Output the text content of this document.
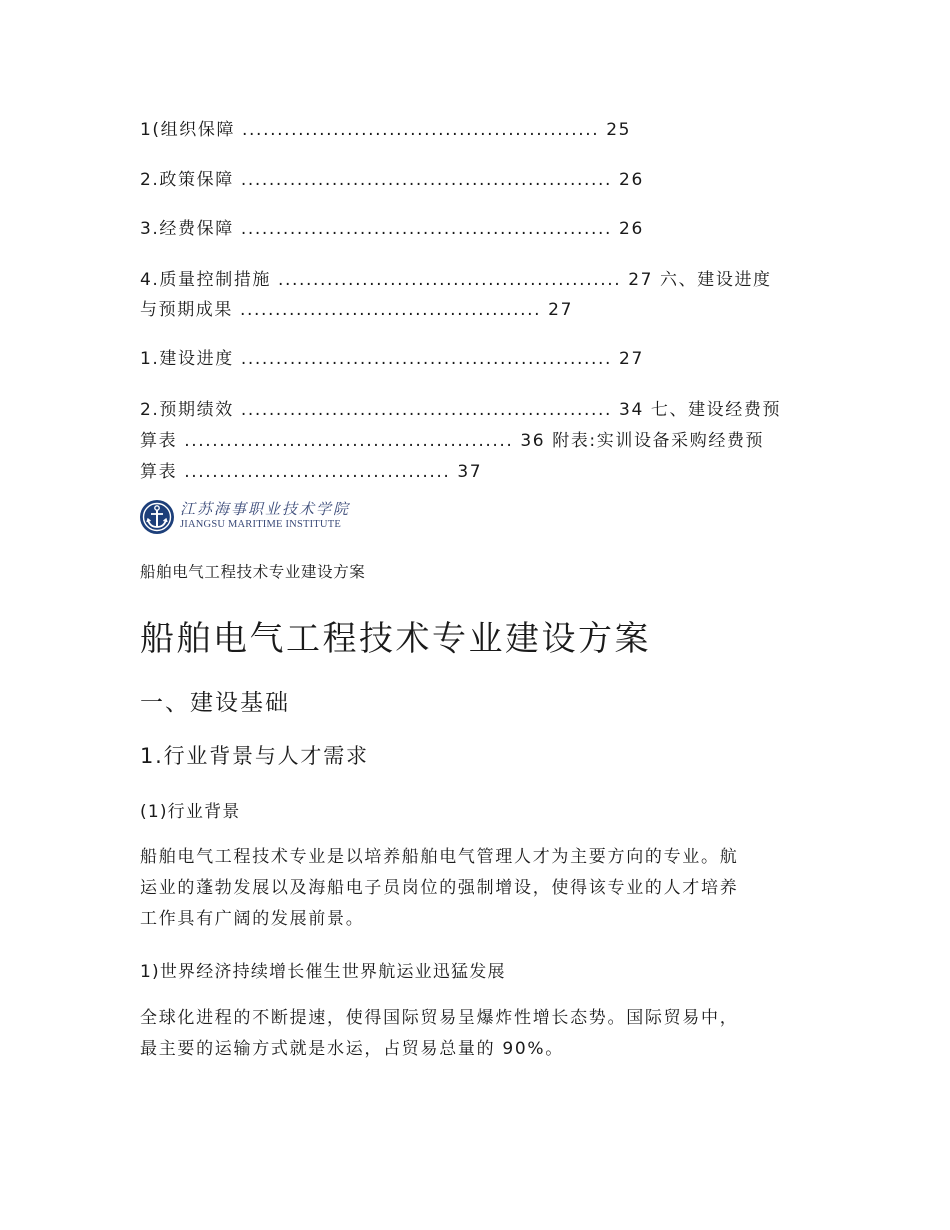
1(组织保障 ................................................... 25
2.政策保障 ..................................................... 26
3.经费保障 ..................................................... 26
4.质量控制措施 ................................................. 27 六、建设进度
与预期成果 ........................................... 27
1.建设进度 ..................................................... 27
2.预期绩效 ..................................................... 34 七、建设经费预
算表 ............................................... 36 附表:实训设备采购经费预
算表 ...................................... 37
江苏海事职业技术学院
JIANGSU MARITIME INSTITUTE
船舶电气工程技术专业建设方案
船舶电气工程技术专业建设方案
一、建设基础
1.行业背景与人才需求
(1)行业背景
船舶电气工程技术专业是以培养船舶电气管理人才为主要方向的专业。航
运业的蓬勃发展以及海船电子员岗位的强制增设，使得该专业的人才培养
工作具有广阔的发展前景。
1)世界经济持续增长催生世界航运业迅猛发展
全球化进程的不断提速，使得国际贸易呈爆炸性增长态势。国际贸易中，
最主要的运输方式就是水运，占贸易总量的 90%。
